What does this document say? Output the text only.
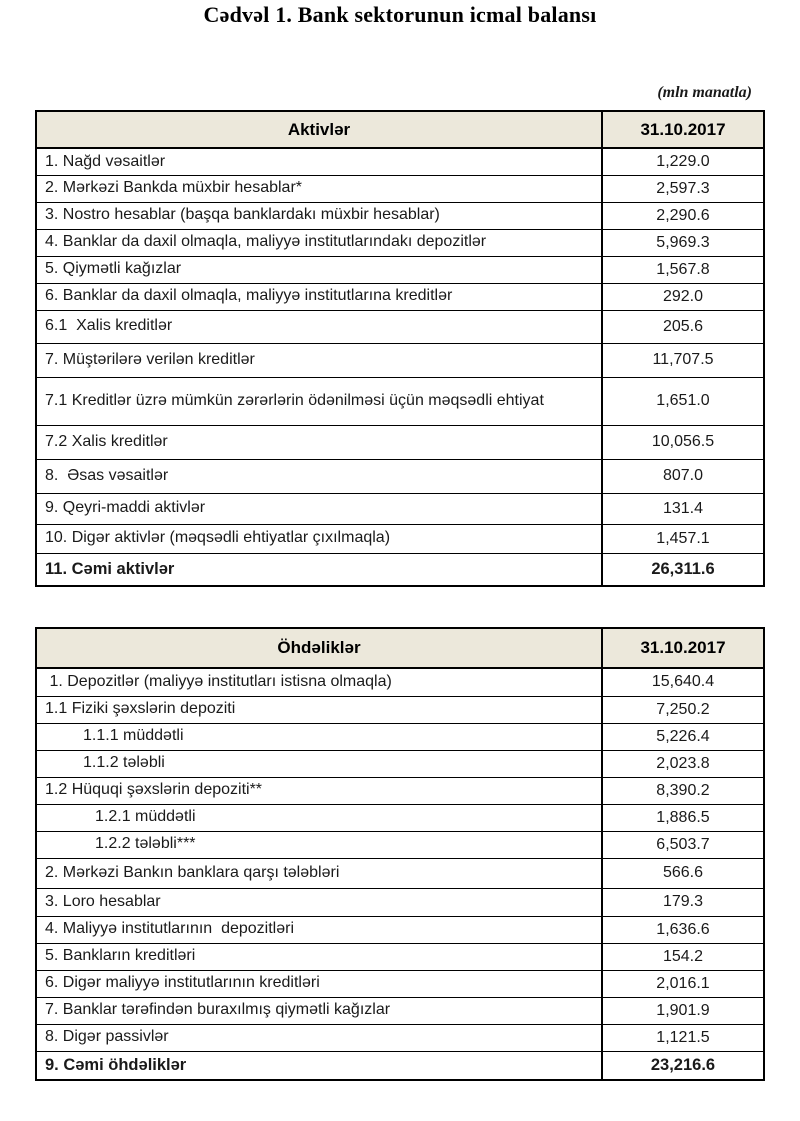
Cədvəl 1. Bank sektorunun icmal balansı
(mln manatla)
Aktivlər	31.10.2017
1. Nağd vəsaitlər	1,229.0
2. Mərkəzi Bankda müxbir hesablar*	2,597.3
3. Nostro hesablar (başqa banklardakı müxbir hesablar)	2,290.6
4. Banklar da daxil olmaqla, maliyyə institutlarındakı depozitlər	5,969.3
5. Qiymətli kağızlar	1,567.8
6. Banklar da daxil olmaqla, maliyyə institutlarına kreditlər	292.0
6.1  Xalis kreditlər	205.6
7. Müştərilərə verilən kreditlər	11,707.5
7.1 Kreditlər üzrə mümkün zərərlərin ödənilməsi üçün məqsədli ehtiyat	1,651.0
7.2 Xalis kreditlər	10,056.5
8.  Əsas vəsaitlər	807.0
9. Qeyri-maddi aktivlər	131.4
10. Digər aktivlər (məqsədli ehtiyatlar çıxılmaqla)	1,457.1
11. Cəmi aktivlər	26,311.6
Öhdəliklər	31.10.2017
1. Depozitlər (maliyyə institutları istisna olmaqla)	15,640.4
1.1 Fiziki şəxslərin depoziti	7,250.2
1.1.1 müddətli	5,226.4
1.1.2 tələbli	2,023.8
1.2 Hüquqi şəxslərin depoziti**	8,390.2
1.2.1 müddətli	1,886.5
1.2.2 tələbli***	6,503.7
2. Mərkəzi Bankın banklara qarşı tələbləri	566.6
3. Loro hesablar	179.3
4. Maliyyə institutlarının  depozitləri	1,636.6
5. Bankların kreditləri	154.2
6. Digər maliyyə institutlarının kreditləri	2,016.1
7. Banklar tərəfindən buraxılmış qiymətli kağızlar	1,901.9
8. Digər passivlər	1,121.5
9. Cəmi öhdəliklər	23,216.6
